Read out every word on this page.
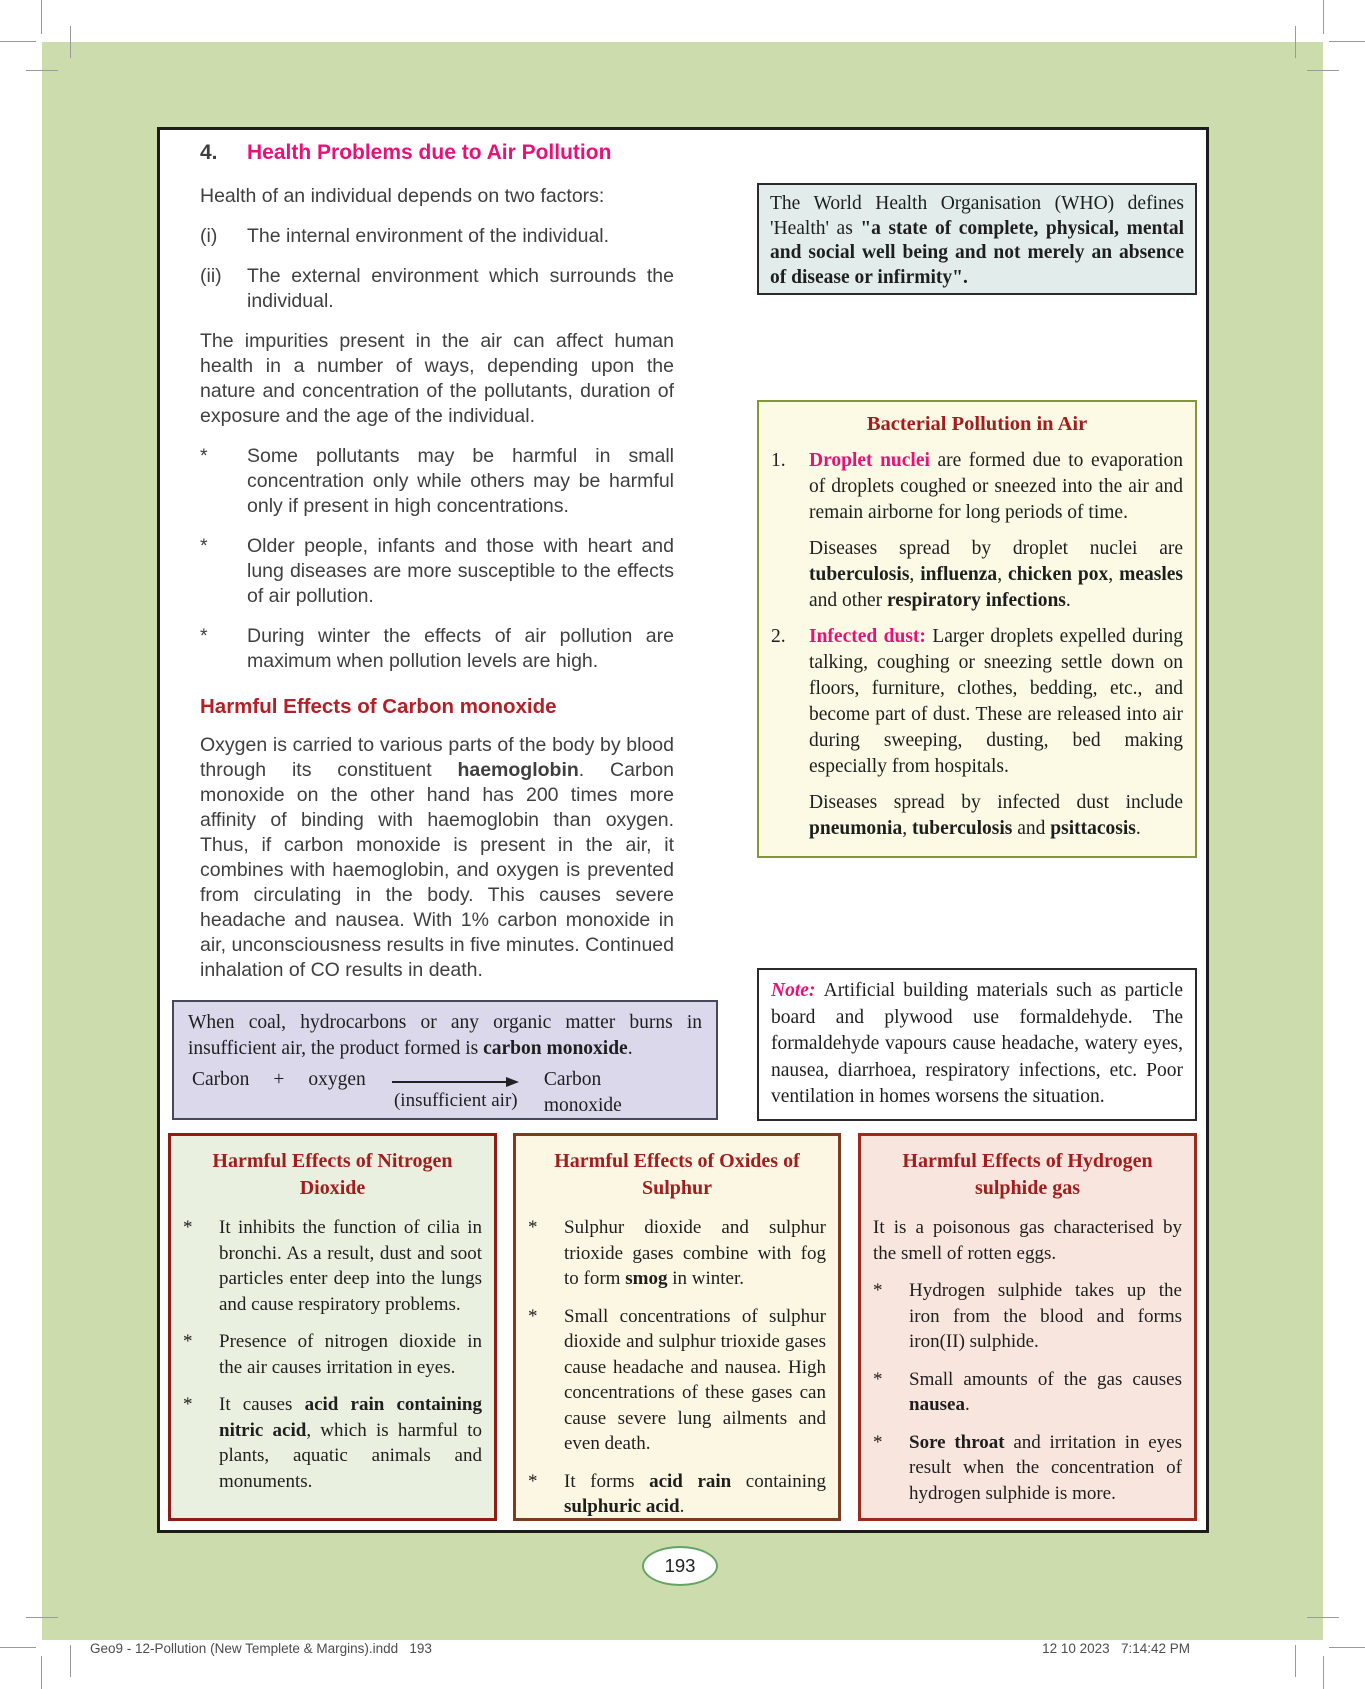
4.	Health Problems due to Air Pollution

Health of an individual depends on two factors:

(i)	The internal environment of the individual.

(ii)	The external environment which surrounds the individual.

The impurities present in the air can affect human health in a number of ways, depending upon the nature and concentration of the pollutants, duration of exposure and the age of the individual.

*	Some pollutants may be harmful in small concentration only while others may be harmful only if present in high concentrations.

*	Older people, infants and those with heart and lung diseases are more susceptible to the effects of air pollution.

*	During winter the effects of air pollution are maximum when pollution levels are high.

Harmful Effects of Carbon monoxide

Oxygen is carried to various parts of the body by blood through its constituent haemoglobin. Carbon monoxide on the other hand has 200 times more affinity of binding with haemoglobin than oxygen. Thus, if carbon monoxide is present in the air, it combines with haemoglobin, and oxygen is prevented from circulating in the body. This causes severe headache and nausea. With 1% carbon monoxide in air, unconsciousness results in five minutes. Continued inhalation of CO results in death.

The World Health Organisation (WHO) defines 'Health' as "a state of complete, physical, mental and social well being and not merely an absence of disease or infirmity".
Bacterial Pollution in Air
1.	Droplet nuclei are formed due to evaporation of droplets coughed or sneezed into the air and remain airborne for long periods of time.

Diseases spread by droplet nuclei are tuberculosis, influenza, chicken pox, measles and other respiratory infections.

2.	Infected dust: Larger droplets expelled during talking, coughing or sneezing settle down on floors, furniture, clothes, bedding, etc., and become part of dust. These are released into air during sweeping, dusting, bed making especially from hospitals.

Diseases spread by infected dust include pneumonia, tuberculosis and psittacosis.

Note: Artificial building materials such as particle board and plywood use formaldehyde. The formaldehyde vapours cause headache, watery eyes, nausea, diarrhoea, respiratory infections, etc. Poor ventilation in homes worsens the situation.

When coal, hydrocarbons or any organic matter burns in insufficient air, the product formed is carbon monoxide.

Carbon + oxygen
(insufficient air)
Carbon monoxide
Harmful Effects of Nitrogen Dioxide
*	It inhibits the function of cilia in bronchi. As a result, dust and soot particles enter deep into the lungs and cause respiratory problems.

*	Presence of nitrogen dioxide in the air causes irritation in eyes.

*	It causes acid rain containing nitric acid, which is harmful to plants, aquatic animals and monuments.

Harmful Effects of Oxides of Sulphur
*	Sulphur dioxide and sulphur trioxide gases combine with fog to form smog in winter.

*	Small concentrations of sulphur dioxide and sulphur trioxide gases cause headache and nausea. High concentrations of these gases can cause severe lung ailments and even death.

*	It forms acid rain containing sulphuric acid.

Harmful Effects of Hydrogen sulphide gas

It is a poisonous gas characterised by the smell of rotten eggs.

*	Hydrogen sulphide takes up the iron from the blood and forms iron(II) sulphide.

*	Small amounts of the gas causes nausea.

*	Sore throat and irritation in eyes result when the concentration of hydrogen sulphide is more.

193
Geo9 - 12-Pollution (New Templete & Margins).indd   193	12 10 2023   7:14:42 PM
